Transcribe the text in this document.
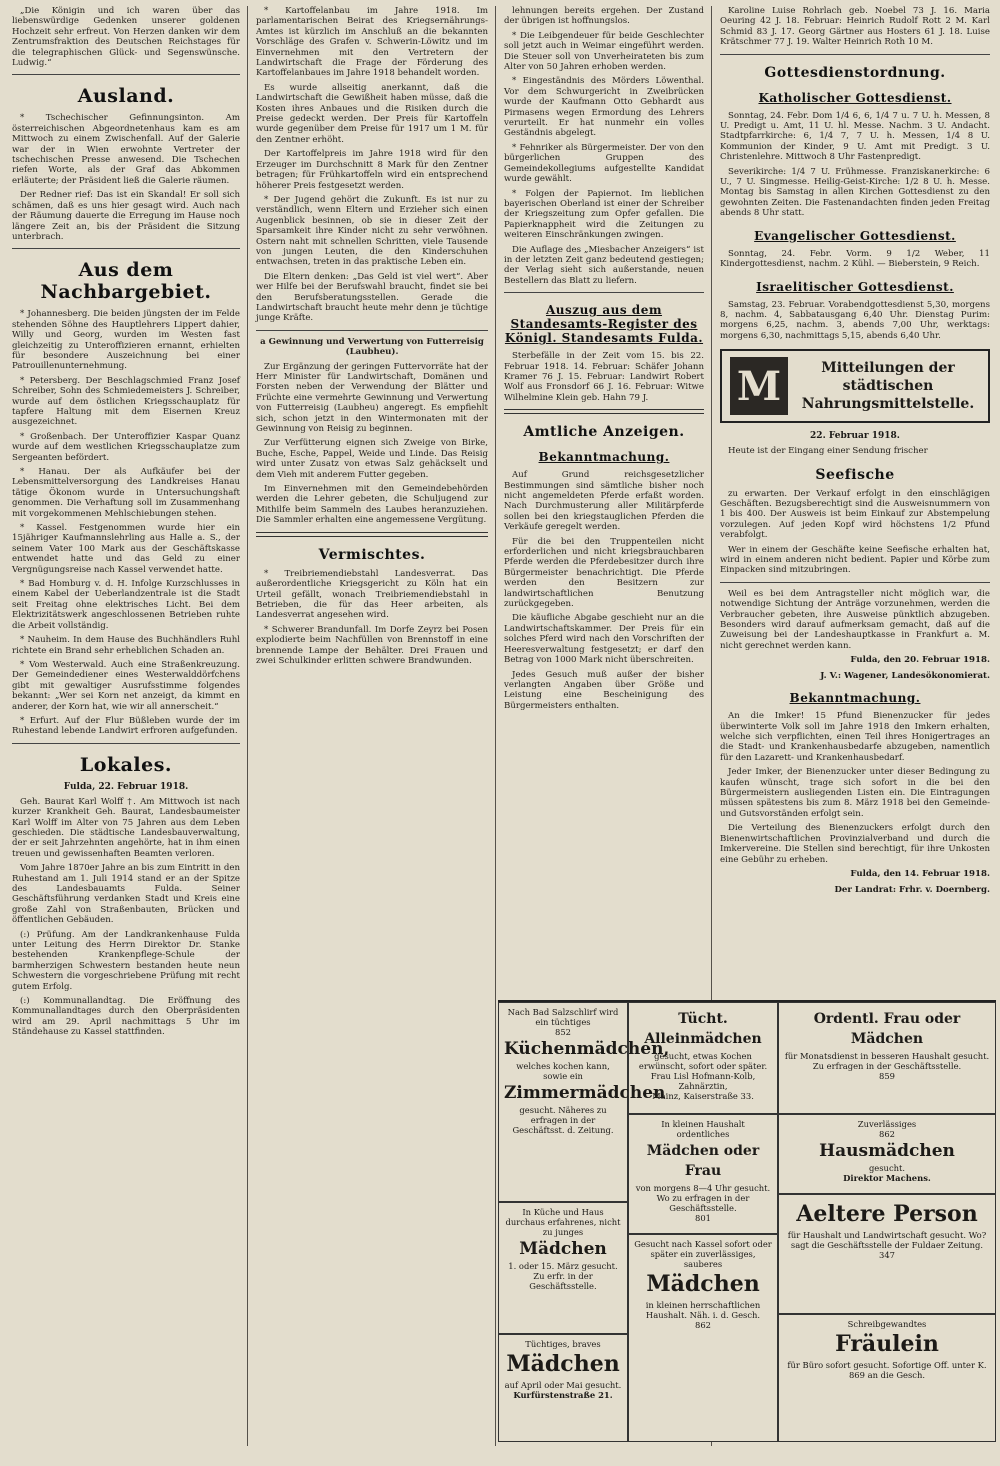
„Die Königin und ich waren über das liebenswürdige Gedenken unserer goldenen Hochzeit sehr erfreut. Von Herzen danken wir dem Zentrumsfraktion des Deutschen Reichstages für die telegraphischen Glück- und Segenswünsche. Ludwig.“

Ausland.

* Tschechischer Gefinnungsinton. Am österreichischen Abgeordnetenhaus kam es am Mittwoch zu einem Zwischenfall. Auf der Galerie war der in Wien erwohnte Vertreter der tschechischen Presse anwesend. Die Tschechen riefen Worte, als der Graf das Abkommen erläuterte; der Präsident ließ die Galerie räumen.

Der Redner rief: Das ist ein Skandal! Er soll sich schämen, daß es uns hier gesagt wird. Auch nach der Räumung dauerte die Erregung im Hause noch längere Zeit an, bis der Präsident die Sitzung unterbrach.

Aus dem Nachbargebiet.

* Johannesberg. Die beiden jüngsten der im Felde stehenden Söhne des Hauptlehrers Lippert dahier, Willy und Georg, wurden im Westen fast gleichzeitig zu Unteroffizieren ernannt, erhielten für besondere Auszeichnung bei einer Patrouillenunternehmung.

* Petersberg. Der Beschlagschmied Franz Josef Schreiber, Sohn des Schmiedemeisters J. Schreiber, wurde auf dem östlichen Kriegsschauplatz für tapfere Haltung mit dem Eisernen Kreuz ausgezeichnet.

* Großenbach. Der Unteroffizier Kaspar Quanz wurde auf dem westlichen Kriegsschauplatze zum Sergeanten befördert.

* Hanau. Der als Aufkäufer bei der Lebensmittelversorgung des Landkreises Hanau tätige Ökonom wurde in Untersuchungshaft genommen. Die Verhaftung soll im Zusammenhang mit vorgekommenen Mehlschiebungen stehen.

* Kassel. Festgenommen wurde hier ein 15jähriger Kaufmannslehrling aus Halle a. S., der seinem Vater 100 Mark aus der Geschäftskasse entwendet hatte und das Geld zu einer Vergnügungsreise nach Kassel verwendet hatte.

* Bad Homburg v. d. H. Infolge Kurzschlusses in einem Kabel der Ueberlandzentrale ist die Stadt seit Freitag ohne elektrisches Licht. Bei dem Elektrizitätswerk angeschlossenen Betrieben ruhte die Arbeit vollständig.

* Nauheim. In dem Hause des Buchhändlers Ruhl richtete ein Brand sehr erheblichen Schaden an.

* Vom Westerwald. Auch eine Straßenkreuzung. Der Gemeindediener eines Westerwalddörfchens gibt mit gewaltiger Ausrufsstimme folgendes bekannt: „Wer sei Korn net anzeigt, da kimmt en anderer, der Korn hat, wie wir all annerscheit.“

* Erfurt. Auf der Flur Büßleben wurde der im Ruhestand lebende Landwirt erfroren aufgefunden.

Lokales.
Fulda, 22. Februar 1918.

Geh. Baurat Karl Wolff †. Am Mittwoch ist nach kurzer Krankheit Geh. Baurat, Landesbaumeister Karl Wolff im Alter von 75 Jahren aus dem Leben geschieden. Die städtische Landesbauverwaltung, der er seit Jahrzehnten angehörte, hat in ihm einen treuen und gewissenhaften Beamten verloren.

Vom Jahre 1870er Jahre an bis zum Eintritt in den Ruhestand am 1. Juli 1914 stand er an der Spitze des Landesbauamts Fulda. Seiner Geschäftsführung verdanken Stadt und Kreis eine große Zahl von Straßenbauten, Brücken und öffentlichen Gebäuden.

(:) Prüfung. Am der Landkrankenhause Fulda unter Leitung des Herrn Direktor Dr. Stanke bestehenden Krankenpflege-Schule der barmherzigen Schwestern bestanden heute neun Schwestern die vorgeschriebene Prüfung mit recht gutem Erfolg.

(:) Kommunallandtag. Die Eröffnung des Kommunallandtages durch den Oberpräsidenten wird am 29. April nachmittags 5 Uhr im Ständehause zu Kassel stattfinden.

* Kartoffelanbau im Jahre 1918. Im parlamentarischen Beirat des Kriegsernährungs-Amtes ist kürzlich im Anschluß an die bekannten Vorschläge des Grafen v. Schwerin-Löwitz und im Einvernehmen mit den Vertretern der Landwirtschaft die Frage der Förderung des Kartoffelanbaues im Jahre 1918 behandelt worden.

Es wurde allseitig anerkannt, daß die Landwirtschaft die Gewißheit haben müsse, daß die Kosten ihres Anbaues und die Risiken durch die Preise gedeckt werden. Der Preis für Kartoffeln wurde gegenüber dem Preise für 1917 um 1 M. für den Zentner erhöht.

Der Kartoffelpreis im Jahre 1918 wird für den Erzeuger im Durchschnitt 8 Mark für den Zentner betragen; für Frühkartoffeln wird ein entsprechend höherer Preis festgesetzt werden.

* Der Jugend gehört die Zukunft. Es ist nur zu verständlich, wenn Eltern und Erzieher sich einen Augenblick besinnen, ob sie in dieser Zeit der Sparsamkeit ihre Kinder nicht zu sehr verwöhnen. Ostern naht mit schnellen Schritten, viele Tausende von jungen Leuten, die den Kinderschuhen entwachsen, treten in das praktische Leben ein.

Die Eltern denken: „Das Geld ist viel wert“. Aber wer Hilfe bei der Berufswahl braucht, findet sie bei den Berufsberatungsstellen. Gerade die Landwirtschaft braucht heute mehr denn je tüchtige junge Kräfte.

a Gewinnung und Verwertung von Futterreisig (Laubheu).

Zur Ergänzung der geringen Futtervorräte hat der Herr Minister für Landwirtschaft, Domänen und Forsten neben der Verwendung der Blätter und Früchte eine vermehrte Gewinnung und Verwertung von Futterreisig (Laubheu) angeregt. Es empfiehlt sich, schon jetzt in den Wintermonaten mit der Gewinnung von Reisig zu beginnen.

Zur Verfütterung eignen sich Zweige von Birke, Buche, Esche, Pappel, Weide und Linde. Das Reisig wird unter Zusatz von etwas Salz gehäckselt und dem Vieh mit anderem Futter gegeben.

Im Einvernehmen mit den Gemeindebehörden werden die Lehrer gebeten, die Schuljugend zur Mithilfe beim Sammeln des Laubes heranzuziehen. Die Sammler erhalten eine angemessene Vergütung.

Vermischtes.

* Treibriemendiebstahl Landesverrat. Das außerordentliche Kriegsgericht zu Köln hat ein Urteil gefällt, wonach Treibriemendiebstahl in Betrieben, die für das Heer arbeiten, als Landesverrat angesehen wird.

* Schwerer Brandunfall. Im Dorfe Zeyrz bei Posen explodierte beim Nachfüllen von Brennstoff in eine brennende Lampe der Behälter. Drei Frauen und zwei Schulkinder erlitten schwere Brandwunden.

lehnungen bereits ergehen. Der Zustand der übrigen ist hoffnungslos.

* Die Leibgendeuer für beide Geschlechter soll jetzt auch in Weimar eingeführt werden. Die Steuer soll von Unverheirateten bis zum Alter von 50 Jahren erhoben werden.

* Eingeständnis des Mörders Löwenthal. Vor dem Schwurgericht in Zweibrücken wurde der Kaufmann Otto Gebhardt aus Pirmasens wegen Ermordung des Lehrers verurteilt. Er hat nunmehr ein volles Geständnis abgelegt.

* Fehnriker als Bürgermeister. Der von den bürgerlichen Gruppen des Gemeindekollegiums aufgestellte Kandidat wurde gewählt.

* Folgen der Papiernot. Im lieblichen bayerischen Oberland ist einer der Schreiber der Kriegszeitung zum Opfer gefallen. Die Papierknappheit wird die Zeitungen zu weiteren Einschränkungen zwingen.

Die Auflage des „Miesbacher Anzeigers“ ist in der letzten Zeit ganz bedeutend gestiegen; der Verlag sieht sich außerstande, neuen Bestellern das Blatt zu liefern.

Auszug aus dem Standesamts-Register des Königl. Standesamts Fulda.

Sterbefälle in der Zeit vom 15. bis 22. Februar 1918. 14. Februar: Schäfer Johann Kramer 76 J. 15. Februar: Landwirt Robert Wolf aus Fronsdorf 66 J. 16. Februar: Witwe Wilhelmine Klein geb. Hahn 79 J.

Amtliche Anzeigen.
Bekanntmachung.

Auf Grund reichsgesetzlicher Bestimmungen sind sämtliche bisher noch nicht angemeldeten Pferde erfaßt worden. Nach Durchmusterung aller Militärpferde sollen bei den kriegstauglichen Pferden die Verkäufe geregelt werden.

Für die bei den Truppenteilen nicht erforderlichen und nicht kriegsbrauchbaren Pferde werden die Pferdebesitzer durch ihre Bürgermeister benachrichtigt. Die Pferde werden den Besitzern zur landwirtschaftlichen Benutzung zurückgegeben.

Die käufliche Abgabe geschieht nur an die Landwirtschaftskammer. Der Preis für ein solches Pferd wird nach den Vorschriften der Heeresverwaltung festgesetzt; er darf den Betrag von 1000 Mark nicht überschreiten.

Jedes Gesuch muß außer der bisher verlangten Angaben über Größe und Leistung eine Bescheinigung des Bürgermeisters enthalten.

Karoline Luise Rohrlach geb. Noebel 73 J. 16. Maria Oeuring 42 J. 18. Februar: Heinrich Rudolf Rott 2 M. Karl Schmid 83 J. 17. Georg Gärtner aus Hosters 61 J. 18. Luise Krätschmer 77 J. 19. Walter Heinrich Roth 10 M.

Gottesdienstordnung.
Katholischer Gottesdienst.

Sonntag, 24. Febr. Dom 1/4 6, 6, 1/4 7 u. 7 U. h. Messen, 8 U. Predigt u. Amt, 11 U. hl. Messe. Nachm. 3 U. Andacht. Stadtpfarrkirche: 6, 1/4 7, 7 U. h. Messen, 1/4 8 U. Kommunion der Kinder, 9 U. Amt mit Predigt. 3 U. Christenlehre. Mittwoch 8 Uhr Fastenpredigt.

Severikirche: 1/4 7 U. Frühmesse. Franziskanerkirche: 6 U., 7 U. Singmesse. Heilig-Geist-Kirche: 1/2 8 U. h. Messe. Montag bis Samstag in allen Kirchen Gottesdienst zu den gewohnten Zeiten. Die Fastenandachten finden jeden Freitag abends 8 Uhr statt.

Evangelischer Gottesdienst.

Sonntag, 24. Febr. Vorm. 9 1/2 Weber, 11 Kindergottesdienst, nachm. 2 Kühl. — Bieberstein, 9 Reich.

Israelitischer Gottesdienst.

Samstag, 23. Februar. Vorabendgottesdienst 5,30, morgens 8, nachm. 4, Sabbatausgang 6,40 Uhr. Dienstag Purim: morgens 6,25, nachm. 3, abends 7,00 Uhr, werktags: morgens 6,30, nachmittags 5,15, abends 6,40 Uhr.

M	Mitteilungen der städtischen Nahrungsmittelstelle.
22. Februar 1918.

Heute ist der Eingang einer Sendung frischer

Seefische

zu erwarten. Der Verkauf erfolgt in den einschlägigen Geschäften. Bezugsberechtigt sind die Ausweisnummern von 1 bis 400. Der Ausweis ist beim Einkauf zur Abstempelung vorzulegen. Auf jeden Kopf wird höchstens 1/2 Pfund verabfolgt.

Wer in einem der Geschäfte keine Seefische erhalten hat, wird in einem anderen nicht bedient. Papier und Körbe zum Einpacken sind mitzubringen.

Weil es bei dem Antragsteller nicht möglich war, die notwendige Sichtung der Anträge vorzunehmen, werden die Verbraucher gebeten, ihre Ausweise pünktlich abzugeben. Besonders wird darauf aufmerksam gemacht, daß auf die Zuweisung bei der Landeshauptkasse in Frankfurt a. M. nicht gerechnet werden kann.

Fulda, den 20. Februar 1918.
J. V.: Wagener, Landesökonomierat.
Bekanntmachung.

An die Imker! 15 Pfund Bienenzucker für jedes überwinterte Volk soll im Jahre 1918 den Imkern erhalten, welche sich verpflichten, einen Teil ihres Honigertrages an die Stadt- und Krankenhausbedarfe abzugeben, namentlich für den Lazarett- und Krankenhausbedarf.

Jeder Imker, der Bienenzucker unter dieser Bedingung zu kaufen wünscht, trage sich sofort in die bei den Bürgermeistern ausliegenden Listen ein. Die Eintragungen müssen spätestens bis zum 8. März 1918 bei den Gemeinde- und Gutsvorständen erfolgt sein.

Die Verteilung des Bienenzuckers erfolgt durch den Bienenwirtschaftlichen Provinzialverband und durch die Imkervereine. Die Stellen sind berechtigt, für ihre Unkosten eine Gebühr zu erheben.

Fulda, den 14. Februar 1918.
Der Landrat: Frhr. v. Doernberg.
Nach Bad Salzschlirf wird ein tüchtiges
852
Küchenmädchen,
welches kochen kann, sowie ein
Zimmermädchen
gesucht. Näheres zu erfragen in der Geschäftsst. d. Zeitung.
Tücht. Alleinmädchen
gesucht, etwas Kochen erwünscht, sofort oder später.
Frau Lisl Hofmann-Kolb, Zahnärztin,
Mainz, Kaiserstraße 33.
Ordentl. Frau oder Mädchen
für Monatsdienst in besseren Haushalt gesucht. Zu erfragen in der Geschäftsstelle.
859
In kleinen Haushalt ordentliches
Mädchen oder Frau
von morgens 8—4 Uhr gesucht. Wo zu erfragen in der Geschäftsstelle.
801
Zuverlässiges
862
Hausmädchen
gesucht.
Direktor Machens.
In Küche und Haus durchaus erfahrenes, nicht zu junges
Mädchen
1. oder 15. März gesucht. Zu erfr. in der Geschäftsstelle.
Aeltere Person
für Haushalt und Landwirtschaft gesucht. Wo? sagt die Geschäftsstelle der Fuldaer Zeitung.
347
Gesucht nach Kassel sofort oder später ein zuverlässiges, sauberes
Mädchen
in kleinen herrschaftlichen Haushalt. Näh. i. d. Gesch.
862
Tüchtiges, braves
Mädchen
auf April oder Mai gesucht.
Kurfürstenstraße 21.
Schreibgewandtes
Fräulein
für Büro sofort gesucht. Sofortige Off. unter K. 869 an die Gesch.
